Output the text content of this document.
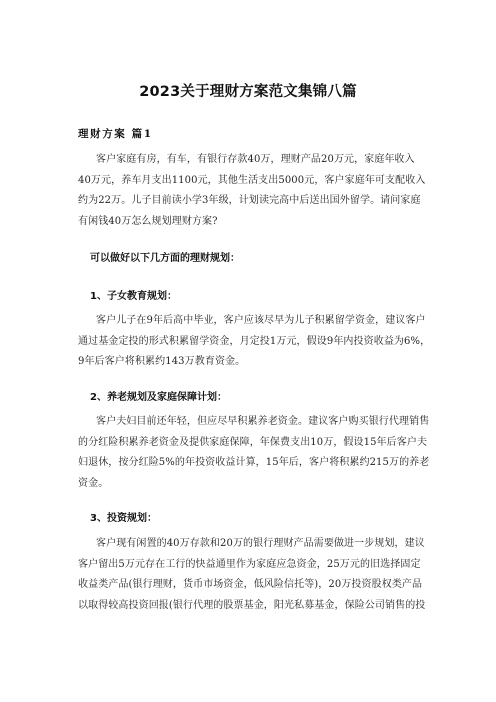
2023关于理财方案范文集锦八篇
理财方案 篇1

客户家庭有房，有车，有银行存款40万，理财产品20万元，家庭年收入
40万元，养车月支出1100元，其他生活支出5000元，客户家庭年可支配收入
约为22万。儿子目前读小学3年级，计划读完高中后送出国外留学。请问家庭
有闲钱40万怎么规划理财方案?

可以做好以下几方面的理财规划：
1、子女教育规划：

客户儿子在9年后高中毕业，客户应该尽早为儿子积累留学资金，建议客户
通过基金定投的形式积累留学资金，月定投1万元，假设9年内投资收益为6%，
9年后客户将积累约143万教育资金。

2、养老规划及家庭保障计划：

客户夫妇目前还年轻，但应尽早积累养老资金。建议客户购买银行代理销售
的分红险积累养老资金及提供家庭保障，年保费支出10万，假设15年后客户夫
妇退休，按分红险5%的年投资收益计算，15年后，客户将积累约215万的养老
资金。

3、投资规划：

客户现有闲置的40万存款和20万的银行理财产品需要做进一步规划，建议
客户留出5万元存在工行的快益通里作为家庭应急资金，25万元的旧选择固定
收益类产品(银行理财，货币市场资金，低风险信托等)，20万投资股权类产品
以取得较高投资回报(银行代理的股票基金，阳光私募基金，保险公司销售的投
